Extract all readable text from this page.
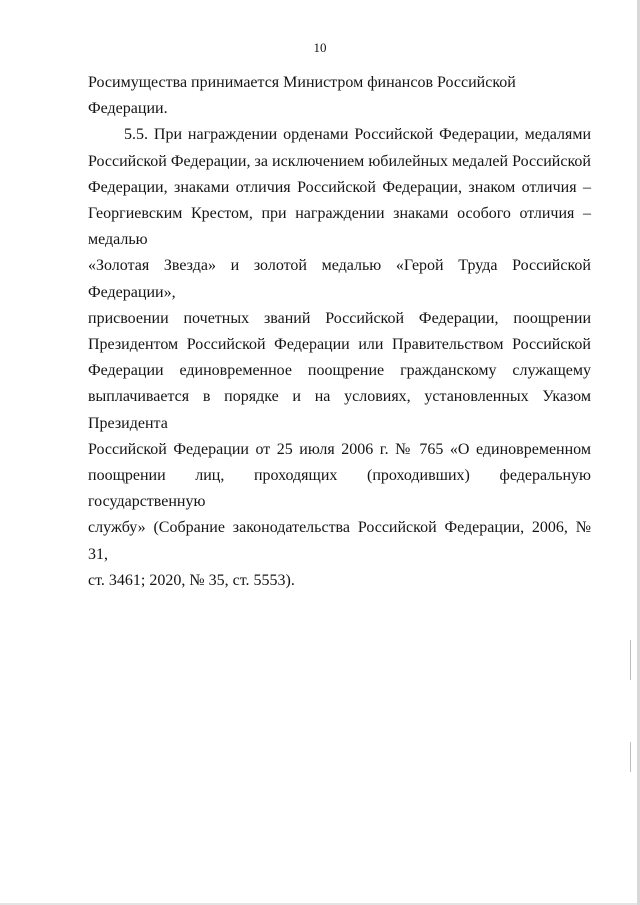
10

Росимущества принимается Министром финансов Российской Федерации.

5.5. При награждении орденами Российской Федерации, медалями
Российской Федерации, за исключением юбилейных медалей Российской
Федерации, знаками отличия Российской Федерации, знаком отличия –
Георгиевским Крестом, при награждении знаками особого отличия – медалью
«Золотая Звезда» и золотой медалью «Герой Труда Российской Федерации»,
присвоении почетных званий Российской Федерации, поощрении
Президентом Российской Федерации или Правительством Российской
Федерации единовременное поощрение гражданскому служащему
выплачивается в порядке и на условиях, установленных Указом Президента
Российской Федерации от 25 июля 2006 г. № 765 «О единовременном
поощрении лиц, проходящих (проходивших) федеральную государственную
службу» (Собрание законодательства Российской Федерации, 2006, № 31,
ст. 3461; 2020, № 35, ст. 5553).
